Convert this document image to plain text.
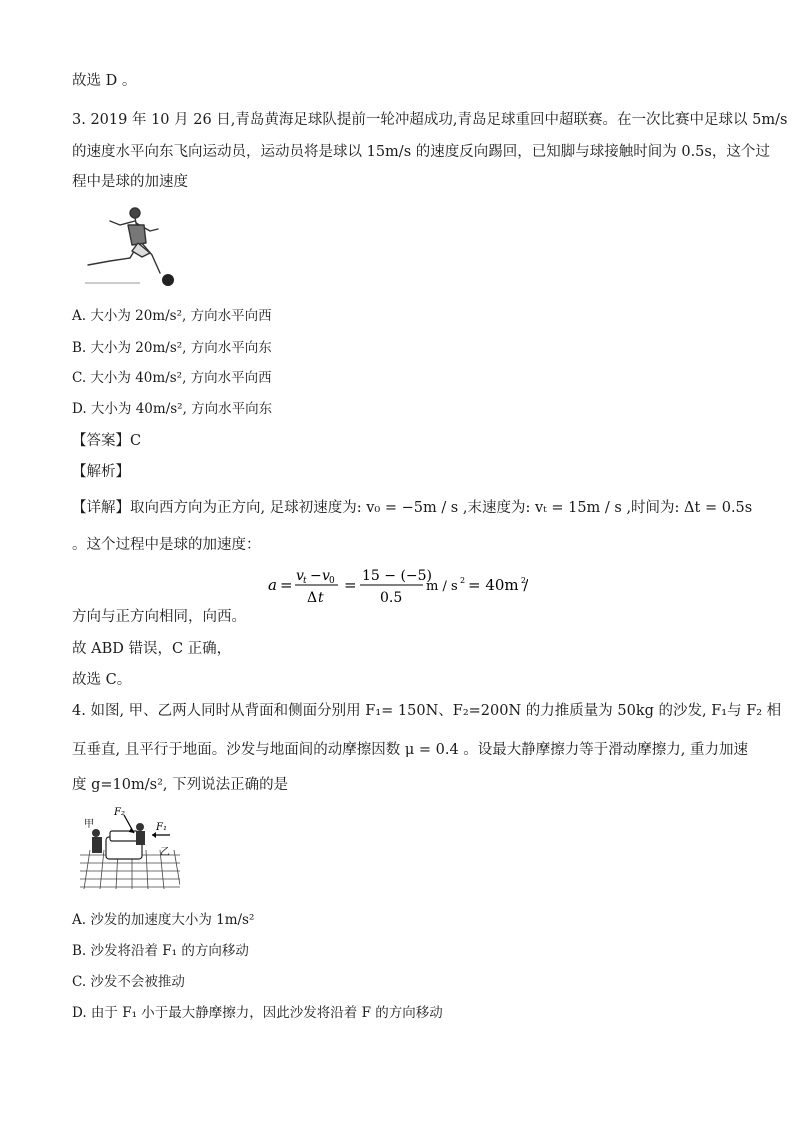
故选 D 。
3. 2019 年 10 月 26 日,青岛黄海足球队提前一轮冲超成功,青岛足球重回中超联赛。在一次比赛中足球以 5m/s
的速度水平向东飞向运动员，运动员将是球以 15m/s 的速度反向踢回，已知脚与球接触时间为 0.5s，这个过
程中是球的加速度
A. 大小为 20m/s², 方向水平向西
B. 大小为 20m/s², 方向水平向东
C. 大小为 40m/s², 方向水平向西
D. 大小为 40m/s², 方向水平向东
【答案】C
【解析】
【详解】取向西方向为正方向, 足球初速度为: v₀ = −5m / s ,末速度为: vₜ = 15m / s ,时间为: Δt = 0.5s
。这个过程中是球的加速度：
a = v t − v 0
Δ t
= 15 − (−5)
0.5
m / s 2 = 40m /
2
方向与正方向相同，向西。
故 ABD 错误，C 正确，
故选 C。
4. 如图, 甲、乙两人同时从背面和侧面分别用 F₁= 150N、F₂=200N 的力推质量为 50kg 的沙发, F₁与 F₂ 相
互垂直, 且平行于地面。沙发与地面间的动摩擦因数 μ = 0.4 。设最大静摩擦力等于滑动摩擦力, 重力加速
度 g=10m/s², 下列说法正确的是
甲
乙
F₁
F₂
A. 沙发的加速度大小为 1m/s²
B. 沙发将沿着 F₁ 的方向移动
C. 沙发不会被推动
D. 由于 F₁ 小于最大静摩擦力，因此沙发将沿着 F 的方向移动
